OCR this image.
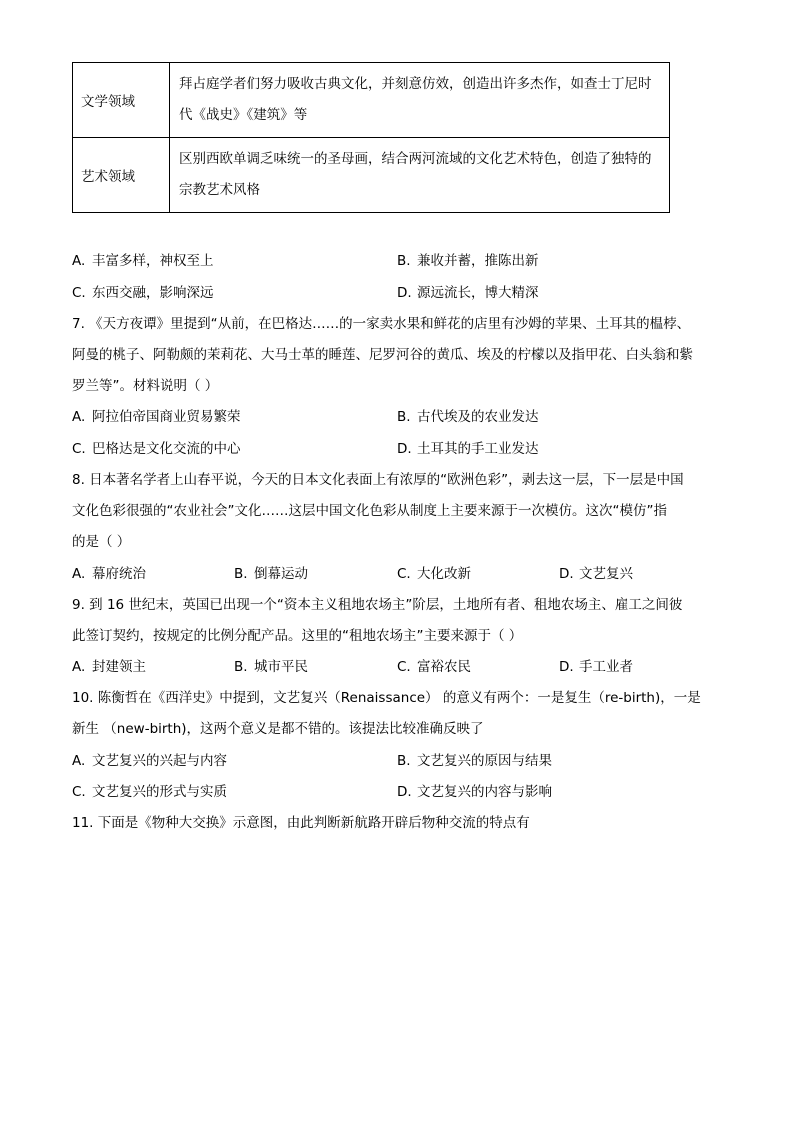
文学领域	拜占庭学者们努力吸收古典文化，并刻意仿效，创造出许多杰作，如查士丁尼时
代《战史》《建筑》等

艺术领域	区别西欧单调乏味统一的圣母画，结合两河流域的文化艺术特色，创造了独特的
宗教艺术风格
A. 丰富多样，神权至上	B. 兼收并蓄，推陈出新
C. 东西交融，影响深远	D. 源远流长，博大精深
7. 《天方夜谭》里提到“从前，在巴格达……的一家卖水果和鲜花的店里有沙姆的苹果、土耳其的榅桲、
阿曼的桃子、阿勒颇的茉莉花、大马士革的睡莲、尼罗河谷的黄瓜、埃及的柠檬以及指甲花、白头翁和紫
罗兰等”。材料说明（ ）
A. 阿拉伯帝国商业贸易繁荣	B. 古代埃及的农业发达
C. 巴格达是文化交流的中心	D. 土耳其的手工业发达
8. 日本著名学者上山春平说，今天的日本文化表面上有浓厚的“欧洲色彩”，剥去这一层，下一层是中国
文化色彩很强的“农业社会”文化……这层中国文化色彩从制度上主要来源于一次模仿。这次“模仿”指
的是（ ）
A. 幕府统治	B. 倒幕运动	C. 大化改新	D. 文艺复兴
9. 到 16 世纪末，英国已出现一个“资本主义租地农场主”阶层，土地所有者、租地农场主、雇工之间彼
此签订契约，按规定的比例分配产品。这里的“租地农场主”主要来源于（ ）
A. 封建领主	B. 城市平民	C. 富裕农民	D. 手工业者
10. 陈衡哲在《西洋史》中提到，文艺复兴（Renaissance） 的意义有两个：一是复生（re-birth)，一是
新生 （new-birth)，这两个意义是都不错的。该提法比较准确反映了
A. 文艺复兴的兴起与内容	B. 文艺复兴的原因与结果
C. 文艺复兴的形式与实质	D. 文艺复兴的内容与影响
11. 下面是《物种大交换》示意图，由此判断新航路开辟后物种交流的特点有
